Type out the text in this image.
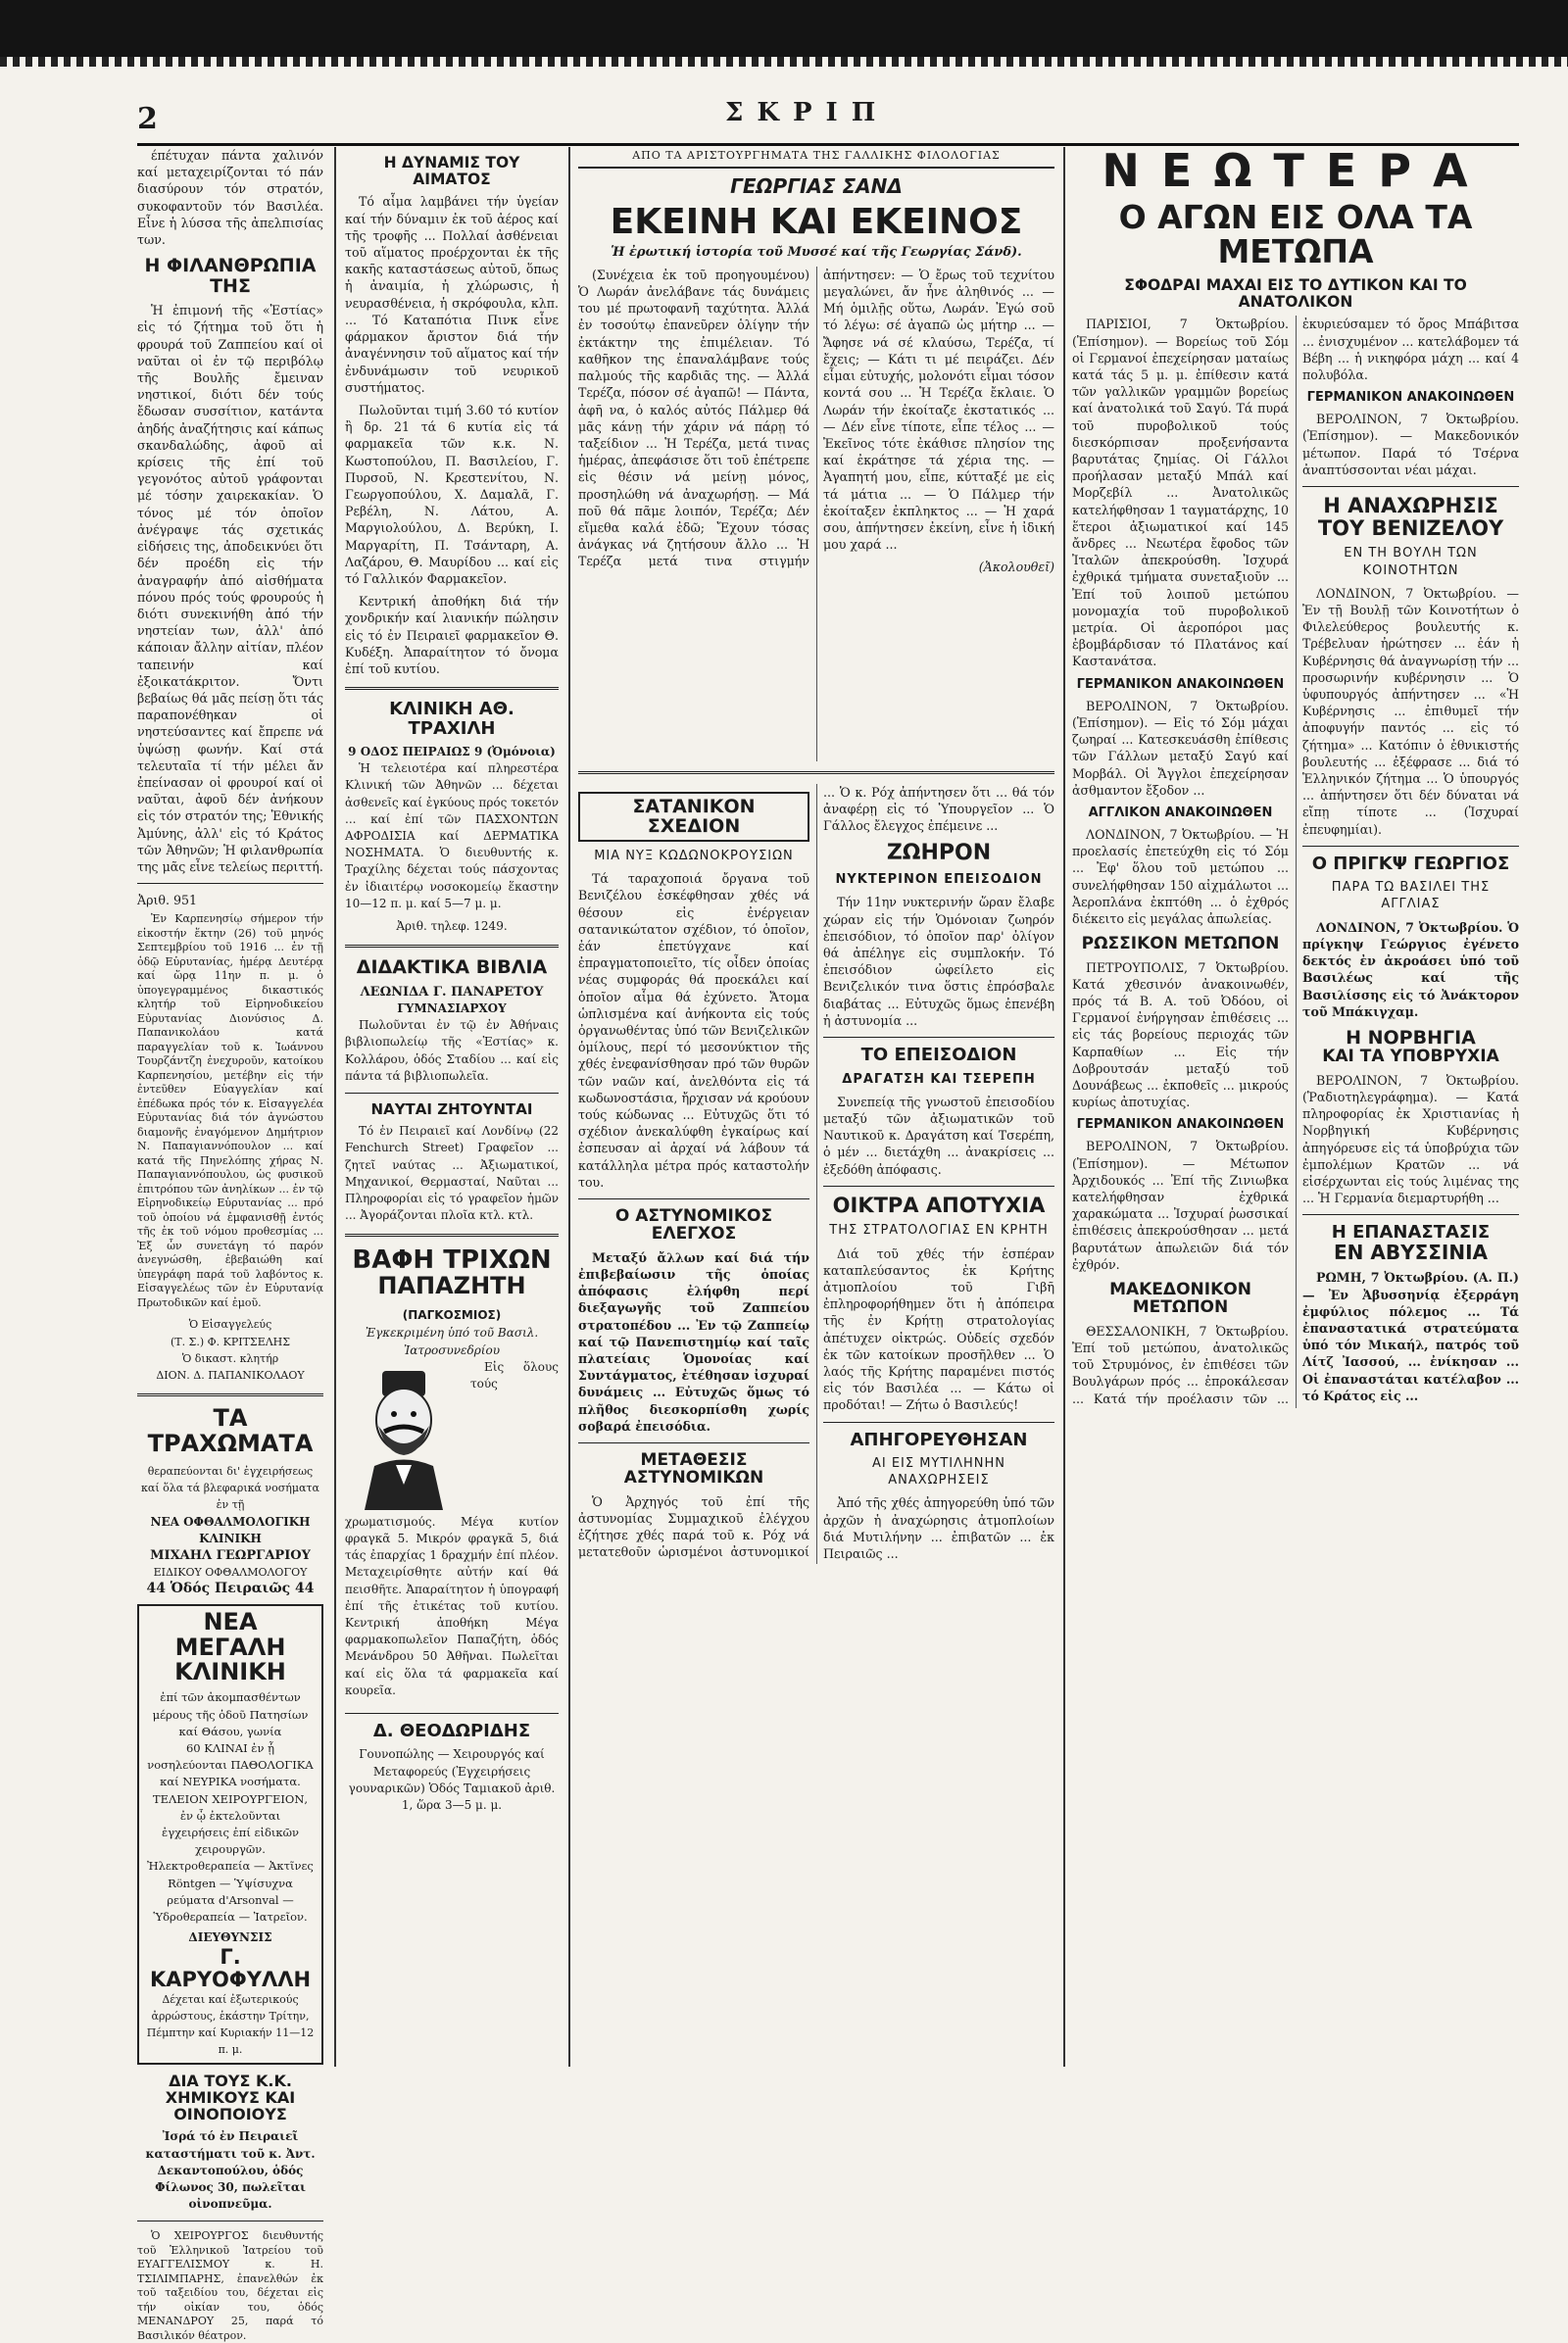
2	ΣΚΡΙΠ

έπέτυχαν πάντα χαλινόν καί μεταχειρίζονται τό πάν διασύρουν τόν στρατόν, συκοφαντοῦν τόν Βασιλέα. Εἶνε ἡ λύσσα τῆς ἀπελπισίας των.

Η ΦΙΛΑΝΘΡΩΠΙΑ ΤΗΣ

Ἡ ἐπιμονή τῆς «Ἑστίας» εἰς τό ζήτημα τοῦ ὅτι ἡ φρουρά τοῦ Ζαππείου καί οἱ ναῦται οἱ ἐν τῷ περιβόλῳ τῆς Βουλῆς ἔμειναν νηστικοί, διότι δέν τούς ἔδωσαν συσσίτιον, κατάντα ἀηδής ἀναζήτησις καί κάπως σκανδαλώδης, ἀφοῦ αἱ κρίσεις τῆς ἐπί τοῦ γεγονότος αὐτοῦ γράφονται μέ τόσην χαιρεκακίαν. Ὁ τόνος μέ τόν ὁποῖον ἀνέγραψε τάς σχετικάς εἰδήσεις της, ἀποδεικνύει ὅτι δέν προέδη εἰς τήν ἀναγραφήν ἀπό αἰσθήματα πόνου πρός τούς φρουρούς ἡ διότι συνεκινήθη ἀπό τήν νηστείαν των, ἀλλ' ἀπό κάποιαν ἄλλην αἰτίαν, πλέον ταπεινήν καί ἐξοικατάκριτον. Ὄντι βεβαίως θά μᾶς πείσῃ ὅτι τάς παραπονέθηκαν οἱ νηστεύσαντες καί ἔπρεπε νά ὑψώσῃ φωνήν. Καί στά τελευταῖα τί τήν μέλει ἄν ἐπείνασαν οἱ φρουροί καί οἱ ναῦται, ἀφοῦ δέν ἀνήκουν εἰς τόν στρατόν της; Ἐθνικής Ἀμύνης, ἀλλ' εἰς τό Κράτος τῶν Ἀθηνῶν; Ἡ φιλανθρωπία της μᾶς εἶνε τελείως περιττή.

Ἀριθ. 951

Ἐν Καρπενησίῳ σήμερον τήν εἰκοστήν ἕκτην (26) τοῦ μηνός Σεπτεμβρίου τοῦ 1916 ... ἐν τῇ ὁδῷ Εὐρυτανίας, ἡμέρᾳ Δευτέρᾳ καί ὥρᾳ 11ην π. μ. ὁ ὑπογεγραμμένος δικαστικός κλητήρ τοῦ Εἰρηνοδικείου Εὐρυτανίας Διονύσιος Δ. Παπανικολάου κατά παραγγελίαν τοῦ κ. Ἰωάννου Τουρζάντζη ἐνεχυροῦν, κατοίκου Καρπενησίου, μετέβην εἰς τήν ἐντεῦθεν Εὐαγγελίαν καί ἐπέδωκα πρός τόν κ. Εἰσαγγελέα Εὐρυτανίας διά τόν ἀγνώστου διαμονῆς ἐναγόμενον Δημήτριον Ν. Παπαγιαννόπουλον ... καί κατά τῆς Πηνελόπης χήρας Ν. Παπαγιαννόπουλου, ὡς φυσικοῦ ἐπιτρόπου τῶν ἀνηλίκων ... ἐν τῷ Εἰρηνοδικείῳ Εὐρυτανίας ... πρό τοῦ ὁποίου νά ἐμφανισθῇ ἐντός τῆς ἐκ τοῦ νόμου προθεσμίας ... Ἐξ ὧν συνετάγη τό παρόν ἀνεγνώσθη, ἐβεβαιώθη καί ὑπεγράφη παρά τοῦ λαβόντος κ. Εἰσαγγελέως τῶν ἐν Εὐρυτανίᾳ Πρωτοδικῶν καί ἐμοῦ.

Ὁ Εἰσαγγελεύς
(Τ. Σ.) Φ. ΚΡΙΤΣΕΛΗΣ
Ὁ δικαστ. κλητήρ
ΔΙΟΝ. Δ. ΠΑΠΑΝΙΚΟΛΑΟΥ
ΤΑ ΤΡΑΧΩΜΑΤΑ
θεραπεύονται δι' ἐγχειρήσεως καί ὅλα τά βλεφαρικά νοσήματα ἐν τῇ
ΝΕΑ ΟΦΘΑΛΜΟΛΟΓΙΚΗ ΚΛΙΝΙΚΗ
ΜΙΧΑΗΛ ΓΕΩΡΓΑΡΙΟΥ
ΕΙΔΙΚΟΥ ΟΦΘΑΛΜΟΛΟΓΟΥ
44 Ὁδός Πειραιῶς 44
ΝΕΑ
ΜΕΓΑΛΗ ΚΛΙΝΙΚΗ
ἐπί τῶν ἀκομπασθέντων μέρους τῆς ὁδοῦ Πατησίων καί Θάσου, γωνία
60 ΚΛΙΝΑΙ ἐν ᾗ νοσηλεύονται ΠΑΘΟΛΟΓΙΚΑ καί ΝΕΥΡΙΚΑ νοσήματα.
ΤΕΛΕΙΟΝ ΧΕΙΡΟΥΡΓΕΙΟΝ, ἐν ᾧ ἐκτελοῦνται ἐγχειρήσεις ἐπί εἰδικῶν χειρουργῶν.
Ἠλεκτροθεραπεία — Ἀκτῖνες Röntgen — Ὑψίσυχνα ρεύματα d'Arsonval — Ὑδροθεραπεία — Ἰατρεῖον.
ΔΙΕΥΘΥΝΣΙΣ
Γ. ΚΑΡΥΟΦΥΛΛΗ
Δέχεται καί ἐξωτερικούς ἀρρώστους, ἑκάστην Τρίτην, Πέμπτην καί Κυριακήν 11—12 π. μ.
ΔΙΑ ΤΟΥΣ Κ.Κ. ΧΗΜΙΚΟΥΣ ΚΑΙ ΟΙΝΟΠΟΙΟΥΣ
Ἰσρά τό ἐν Πειραιεῖ καταστήματι τοῦ κ. Ἀντ. Δεκαντοπούλου, ὁδός Φίλωνος 30, πωλεῖται οἰνοπνεῦμα.

Ὁ ΧΕΙΡΟΥΡΓΟΣ διευθυντής τοῦ Ἑλληνικοῦ Ἰατρείου τοῦ ΕΥΑΓΓΕΛΙΣΜΟΥ κ. Η. ΤΣΙΛΙΜΠΑΡΗΣ, ἐπανελθών ἐκ τοῦ ταξειδίου του, δέχεται εἰς τήν οἰκίαν του, ὁδός ΜΕΝΑΝΔΡΟΥ 25, παρά τό Βασιλικόν θέατρον.

Η ΔΥΝΑΜΙΣ ΤΟΥ ΑΙΜΑΤΟΣ

Τό αἷμα λαμβάνει τήν ὑγείαν καί τήν δύναμιν ἐκ τοῦ ἀέρος καί τῆς τροφῆς ... Πολλαί ἀσθένειαι τοῦ αἵματος προέρχονται ἐκ τῆς κακῆς καταστάσεως αὐτοῦ, ὅπως ἡ ἀναιμία, ἡ χλώρωσις, ἡ νευρασθένεια, ἡ σκρόφουλα, κλπ. ... Τό Καταπότια Πινκ εἶνε φάρμακον ἄριστον διά τήν ἀναγέννησιν τοῦ αἵματος καί τήν ἐνδυνάμωσιν τοῦ νευρικοῦ συστήματος.

Πωλοῦνται τιμή 3.60 τό κυτίον ἢ δρ. 21 τά 6 κυτία εἰς τά φαρμακεῖα τῶν κ.κ. Ν. Κωστοπούλου, Π. Βασιλείου, Γ. Πυρσοῦ, Ν. Κρεστενίτου, Ν. Γεωργοπούλου, Χ. Δαμαλᾶ, Γ. Ρεβέλη, Ν. Λάτου, Α. Μαργιολούλου, Δ. Βερύκη, Ι. Μαργαρίτη, Π. Τσάνταρη, Α. Λαζάρου, Θ. Μαυρίδου ... καί εἰς τό Γαλλικόν Φαρμακεῖον.

Κεντρική ἀποθήκη διά τήν χονδρικήν καί λιανικήν πώλησιν εἰς τό ἐν Πειραιεῖ φαρμακεῖον Θ. Κυδέξη. Ἀπαραίτητον τό ὄνομα ἐπί τοῦ κυτίου.

ΚΛΙΝΙΚΗ ΑΘ. ΤΡΑΧΙΛΗ
9 ΟΔΟΣ ΠΕΙΡΑΙΩΣ 9 (Ὀμόνοια)

Ἡ τελειοτέρα καί πληρεστέρα Κλινική τῶν Ἀθηνῶν ... δέχεται ἀσθενεῖς καί ἐγκύους πρός τοκετόν ... καί ἐπί τῶν ΠΑΣΧΟΝΤΩΝ ΑΦΡΟΔΙΣΙΑ καί ΔΕΡΜΑΤΙΚΑ ΝΟΣΗΜΑΤΑ. Ὁ διευθυντής κ. Τραχίλης δέχεται τούς πάσχοντας ἐν ἰδιαιτέρῳ νοσοκομείῳ ἕκαστην 10—12 π. μ. καί 5—7 μ. μ.

Ἀριθ. τηλεφ. 1249.
ΔΙΔΑΚΤΙΚΑ ΒΙΒΛΙΑ
ΛΕΩΝΙΔΑ Γ. ΠΑΝΑΡΕΤΟΥ
ΓΥΜΝΑΣΙΑΡΧΟΥ

Πωλοῦνται ἐν τῷ ἐν Ἀθήναις βιβλιοπωλείῳ τῆς «Ἑστίας» κ. Κολλάρου, ὁδός Σταδίου ... καί εἰς πάντα τά βιβλιοπωλεῖα.

ΝΑΥΤΑΙ ΖΗΤΟΥΝΤΑΙ

Τό ἐν Πειραιεῖ καί Λονδίνῳ (22 Fenchurch Street) Γραφεῖον ... ζητεῖ ναύτας ... Ἀξιωματικοί, Μηχανικοί, Θερμασταί, Ναῦται ... Πληροφορίαι εἰς τό γραφεῖον ἡμῶν ... Ἀγοράζονται πλοῖα κτλ. κτλ.

ΒΑΦΗ ΤΡΙΧΩΝ
ΠΑΠΑΖΗΤΗ (ΠΑΓΚΟΣΜΙΟΣ)
Ἐγκεκριμένη ὑπό τοῦ Βασιλ. Ἰατροσυνεδρίου

Εἰς ὅλους τούς χρωματισμούς. Μέγα κυτίον φραγκᾶ 5. Μικρόν φραγκᾶ 5, διά τάς ἐπαρχίας 1 δραχμήν ἐπί πλέον. Μεταχειρίσθητε αὐτήν καί θά πεισθῆτε. Ἀπαραίτητον ἡ ὑπογραφή ἐπί τῆς ἐτικέτας τοῦ κυτίου. Κεντρική ἀποθήκη Μέγα φαρμακοπωλεῖον Παπαζήτη, ὁδός Μενάνδρου 50 Ἀθῆναι. Πωλεῖται καί εἰς ὅλα τά φαρμακεῖα καί κουρεῖα.

Δ. ΘΕΟΔΩΡΙΔΗΣ
Γουνοπώλης — Χειρουργός καί Μεταφορεύς (Ἐγχειρήσεις γουναρικῶν) Ὁδός Ταμιακοῦ ἀριθ. 1, ὥρα 3—5 μ. μ.
ΑΠΟ ΤΑ ΑΡΙΣΤΟΥΡΓΗΜΑΤΑ ΤΗΣ ΓΑΛΛΙΚΗΣ ΦΙΛΟΛΟΓΙΑΣ
ΓΕΩΡΓΙΑΣ ΣΑΝΔ
ΕΚΕΙΝΗ ΚΑΙ ΕΚΕΙΝΟΣ
Ἡ ἐρωτική ἱστορία τοῦ Μυσσέ καί τῆς Γεωργίας Σάνδ).

(Συνέχεια ἐκ τοῦ προηγουμένου) Ὁ Λωράν ἀνελάβανε τάς δυνάμεις του μέ πρωτοφανῆ ταχύτητα. Ἀλλά ἐν τοσούτῳ ἐπανεῦρεν ὁλίγην τήν ἐκτάκτην της ἐπιμέλειαν. Τό καθῆκον της ἐπαναλάμβανε τούς παλμούς τῆς καρδιᾶς της. — Ἀλλά Τερέζα, πόσον σέ ἀγαπῶ! — Πάντα, ἀφῆ να, ὁ καλός αὐτός Πάλμερ θά μᾶς κάνῃ τήν χάριν νά πάρῃ τό ταξείδιον ... Ἡ Τερέζα, μετά τινας ἡμέρας, ἀπεφάσισε ὅτι τοῦ ἐπέτρεπε εἰς θέσιν νά μείνῃ μόνος, προσηλώθη νά ἀναχωρήσῃ. — Μά ποῦ θά πᾶμε λοιπόν, Τερέζα; Δέν εἴμεθα καλά ἐδῶ; Ἔχουν τόσας ἀνάγκας νά ζητήσουν ἄλλο ... Ἡ Τερέζα μετά τινα στιγμήν ἀπήντησεν: — Ὁ ἔρως τοῦ τεχνίτου μεγαλώνει, ἄν ἦνε ἀληθινός ... — Μή ὁμιλῇς οὕτω, Λωράν. Ἐγώ σοῦ τό λέγω: σέ ἀγαπῶ ὡς μήτηρ ... — Ἄφησε νά σέ κλαύσω, Τερέζα, τί ἔχεις; — Κάτι τι μέ πειράζει. Δέν εἶμαι εὐτυχής, μολονότι εἶμαι τόσον κοντά σου ... Ἡ Τερέζα ἔκλαιε. Ὁ Λωράν τήν ἐκοίταζε ἐκστατικός ... — Δέν εἶνε τίποτε, εἶπε τέλος ... — Ἐκεῖνος τότε ἐκάθισε πλησίον της καί ἐκράτησε τά χέρια της. — Ἀγαπητή μου, εἶπε, κύτταξέ με εἰς τά μάτια ... — Ὁ Πάλμερ τήν ἐκοίταξεν ἐκπληκτος ... — Ἡ χαρά σου, ἀπήντησεν ἐκείνη, εἶνε ἡ ἰδική μου χαρά ...

(Ἀκολουθεῖ)
ΣΑΤΑΝΙΚΟΝ ΣΧΕΔΙΟΝ
ΜΙΑ ΝΥΞ ΚΩΔΩΝΟΚΡΟΥΣΙΩΝ

Τά ταραχοποιά ὄργανα τοῦ Βενιζέλου ἐσκέφθησαν χθές νά θέσουν εἰς ἐνέργειαν σατανικώτατον σχέδιον, τό ὁποῖον, ἐάν ἐπετύγχανε καί ἐπραγματοποιεῖτο, τίς οἶδεν ὁποίας νέας συμφοράς θά προεκάλει καί ὁποῖον αἷμα θά ἐχύνετο. Ἄτομα ὡπλισμένα καί ἀνήκοντα εἰς τούς ὀργανωθέντας ὑπό τῶν Βενιζελικῶν ὁμίλους, περί τό μεσονύκτιον τῆς χθές ἐνεφανίσθησαν πρό τῶν θυρῶν τῶν ναῶν καί, ἀνελθόντα εἰς τά κωδωνοστάσια, ἤρχισαν νά κρούουν τούς κώδωνας ... Εὐτυχῶς ὅτι τό σχέδιον ἀνεκαλύφθη ἐγκαίρως καί ἐσπευσαν αἱ ἀρχαί νά λάβουν τά κατάλληλα μέτρα πρός καταστολήν του.

Ο ΑΣΤΥΝΟΜΙΚΟΣ ΕΛΕΓΧΟΣ

Μεταξύ ἄλλων καί διά τήν ἐπιβεβαίωσιν τῆς ὁποίας ἀπόφασις ἐλήφθη περί διεξαγωγῆς τοῦ Ζαππείου στρατοπέδου ... Ἐν τῷ Ζαππείῳ καί τῷ Πανεπιστημίῳ καί ταῖς πλατείαις Ὁμονοίας καί Συντάγματος, ἐτέθησαν ἰσχυραί δυνάμεις ... Εὐτυχῶς ὅμως τό πλῆθος διεσκορπίσθη χωρίς σοβαρά ἐπεισόδια.

ΜΕΤΑΘΕΣΙΣ ΑΣΤΥΝΟΜΙΚΩΝ

Ὁ Ἀρχηγός τοῦ ἐπί τῆς ἀστυνομίας Συμμαχικοῦ ἐλέγχου ἐζήτησε χθές παρά τοῦ κ. Ρόχ νά μετατεθοῦν ὡρισμένοι ἀστυνομικοί ... Ὁ κ. Ρόχ ἀπήντησεν ὅτι ... θά τόν ἀναφέρῃ εἰς τό Ὑπουργεῖον ... Ὁ Γάλλος ἔλεγχος ἐπέμεινε ...

ΖΩΗΡΟΝ
ΝΥΚΤΕΡΙΝΟΝ ΕΠΕΙΣΟΔΙΟΝ

Τήν 11ην νυκτερινήν ὥραν ἔλαβε χώραν εἰς τήν Ὁμόνοιαν ζωηρόν ἐπεισόδιον, τό ὁποῖον παρ' ὀλίγον θά ἀπέληγε εἰς συμπλοκήν. Τό ἐπεισόδιον ὠφείλετο εἰς Βενιζελικόν τινα ὅστις ἐπρόσβαλε διαβάτας ... Εὐτυχῶς ὅμως ἐπενέβη ἡ ἀστυνομία ...

ΤΟ ΕΠΕΙΣΟΔΙΟΝ
ΔΡΑΓΑΤΣΗ ΚΑΙ ΤΣΕΡΕΠΗ

Συνεπείᾳ τῆς γνωστοῦ ἐπεισοδίου μεταξύ τῶν ἀξιωματικῶν τοῦ Ναυτικοῦ κ. Δραγάτση καί Τσερέπη, ὁ μέν ... διετάχθη ... ἀνακρίσεις ... ἐξεδόθη ἀπόφασις.

ΟΙΚΤΡΑ ΑΠΟΤΥΧΙΑ
ΤΗΣ ΣΤΡΑΤΟΛΟΓΙΑΣ ΕΝ ΚΡΗΤΗ

Διά τοῦ χθές τήν ἑσπέραν καταπλεύσαντος ἐκ Κρήτης ἀτμοπλοίου τοῦ Γιβῆ ἐπληροφορήθημεν ὅτι ἡ ἀπόπειρα τῆς ἐν Κρήτῃ στρατολογίας ἀπέτυχεν οἰκτρώς. Οὐδείς σχεδόν ἐκ τῶν κατοίκων προσῆλθεν ... Ὁ λαός τῆς Κρήτης παραμένει πιστός εἰς τόν Βασιλέα ... — Κάτω οἱ προδόται! — Ζήτω ὁ Βασιλεύς!

ΑΠΗΓΟΡΕΥΘΗΣΑΝ
ΑΙ ΕΙΣ ΜΥΤΙΛΗΝΗΝ ΑΝΑΧΩΡΗΣΕΙΣ

Ἀπό τῆς χθές ἀπηγορεύθη ὑπό τῶν ἀρχῶν ἡ ἀναχώρησις ἀτμοπλοίων διά Μυτιλήνην ... ἐπιβατῶν ... ἐκ Πειραιῶς ...

ΝΕΩΤΕΡΑ
Ο ΑΓΩΝ ΕΙΣ ΟΛΑ ΤΑ ΜΕΤΩΠΑ
ΣΦΟΔΡΑΙ ΜΑΧΑΙ ΕΙΣ ΤΟ ΔΥΤΙΚΟΝ ΚΑΙ ΤΟ ΑΝΑΤΟΛΙΚΟΝ

ΠΑΡΙΣΙΟΙ, 7 Ὀκτωβρίου. (Ἐπίσημον). — Βορείως τοῦ Σόμ οἱ Γερμανοί ἐπεχείρησαν ματαίως κατά τάς 5 μ. μ. ἐπίθεσιν κατά τῶν γαλλικῶν γραμμῶν βορείως καί ἀνατολικά τοῦ Σαγύ. Τά πυρά τοῦ πυροβολικοῦ τούς διεσκόρπισαν προξενήσαντα βαρυτάτας ζημίας. Οἱ Γάλλοι προήλασαν μεταξύ Μπάλ καί Μορζεβίλ ... Ἀνατολικῶς κατελήφθησαν 1 ταγματάρχης, 10 ἕτεροι ἀξιωματικοί καί 145 ἄνδρες ... Νεωτέρα ἔφοδος τῶν Ἰταλῶν ἀπεκρούσθη. Ἰσχυρά ἐχθρικά τμήματα συνεταξιοῦν ... Ἐπί τοῦ λοιποῦ μετώπου μονομαχία τοῦ πυροβολικοῦ μετρία. Οἱ ἀεροπόροι μας ἐβομβάρδισαν τό Πλατάνος καί Καστανάτσα.

ΓΕΡΜΑΝΙΚΟΝ ΑΝΑΚΟΙΝΩΘΕΝ

ΒΕΡΟΛΙΝΟΝ, 7 Ὀκτωβρίου. (Ἐπίσημον). — Εἰς τό Σόμ μάχαι ζωηραί ... Κατεσκευάσθη ἐπίθεσις τῶν Γάλλων μεταξύ Σαγύ καί Μορβάλ. Οἱ Ἄγγλοι ἐπεχείρησαν ἀσθμαντον ἔξοδον ...

ΑΓΓΛΙΚΟΝ ΑΝΑΚΟΙΝΩΘΕΝ

ΛΟΝΔΙΝΟΝ, 7 Ὀκτωβρίου. — Ἡ προελασίς ἐπετεύχθη εἰς τό Σόμ ... Ἐφ' ὅλου τοῦ μετώπου ... συνελήφθησαν 150 αἰχμάλωτοι ... Ἀεροπλάνα ἐκπτόθη ... ὁ ἐχθρός διέκειτο εἰς μεγάλας ἀπωλείας.

ΡΩΣΣΙΚΟΝ ΜΕΤΩΠΟΝ

ΠΕΤΡΟΥΠΟΛΙΣ, 7 Ὀκτωβρίου. Κατά χθεσινόν ἀνακοινωθέν, πρός τά Β. Α. τοῦ Ὀδόου, οἱ Γερμανοί ἐνήργησαν ἐπιθέσεις ... εἰς τάς βορείους περιοχάς τῶν Καρπαθίων ... Εἰς τήν Δοβρουτσάν μεταξύ τοῦ Δουνάβεως ... ἐκποθεῖς ... μικρούς κυρίως ἀποτυχίας.

ΓΕΡΜΑΝΙΚΟΝ ΑΝΑΚΟΙΝΩΘΕΝ

ΒΕΡΟΛΙΝΟΝ, 7 Ὀκτωβρίου. (Ἐπίσημον). — Μέτωπον Ἀρχιδουκός ... Ἐπί τῆς Ζινιωβκα κατελήφθησαν ἐχθρικά χαρακώματα ... Ἰσχυραί ῥωσσικαί ἐπιθέσεις ἀπεκρούσθησαν ... μετά βαρυτάτων ἀπωλειῶν διά τόν ἐχθρόν.

ΜΑΚΕΔΟΝΙΚΟΝ ΜΕΤΩΠΟΝ

ΘΕΣΣΑΛΟΝΙΚΗ, 7 Ὀκτωβρίου. Ἐπί τοῦ μετώπου, ἀνατολικῶς τοῦ Στρυμόνος, ἐν ἐπιθέσει τῶν Βουλγάρων πρός ... ἐπροκάλεσαν ... Κατά τήν προέλασιν τῶν ... ἐκυριεύσαμεν τό ὄρος Μπάβιτσα ... ἐνισχυμένον ... κατελάβομεν τά Βέβη ... ἡ νικηφόρα μάχη ... καί 4 πολυβόλα.

ΓΕΡΜΑΝΙΚΟΝ ΑΝΑΚΟΙΝΩΘΕΝ

ΒΕΡΟΛΙΝΟΝ, 7 Ὀκτωβρίου. (Ἐπίσημον). — Μακεδονικόν μέτωπον. Παρά τό Τσέρνα ἀναπτύσσονται νέαι μάχαι.

Η ΑΝΑΧΩΡΗΣΙΣ
ΤΟΥ ΒΕΝΙΖΕΛΟΥ
ΕΝ ΤΗ ΒΟΥΛΗ ΤΩΝ ΚΟΙΝΟΤΗΤΩΝ

ΛΟΝΔΙΝΟΝ, 7 Ὀκτωβρίου. — Ἐν τῇ Βουλῇ τῶν Κοινοτήτων ὁ Φιλελεύθερος βουλευτής κ. Τρέβελυαν ἠρώτησεν ... ἐάν ἡ Κυβέρνησις θά ἀναγνωρίσῃ τήν ... προσωρινήν κυβέρνησιν ... Ὁ ὑφυπουργός ἀπήντησεν ... «Ἡ Κυβέρνησις ... ἐπιθυμεῖ τήν ἀποφυγήν παντός ... εἰς τό ζήτημα» ... Κατόπιν ὁ ἐθνικιστής βουλευτής ... ἐξέφρασε ... διά τό Ἑλληνικόν ζήτημα ... Ὁ ὑπουργός ... ἀπήντησεν ὅτι δέν δύναται νά εἴπῃ τίποτε ... (Ἰσχυραί ἐπευφημίαι).

Ο ΠΡΙΓΚΨ ΓΕΩΡΓΙΟΣ
ΠΑΡΑ ΤΩ ΒΑΣΙΛΕΙ ΤΗΣ ΑΓΓΛΙΑΣ

ΛΟΝΔΙΝΟΝ, 7 Ὀκτωβρίου. Ὁ πρίγκηψ Γεώργιος ἐγένετο δεκτός ἐν ἀκροάσει ὑπό τοῦ Βασιλέως καί τῆς Βασιλίσσης εἰς τό Ἀνάκτορον τοῦ Μπάκιγχαμ.

Η ΝΟΡΒΗΓΙΑ
ΚΑΙ ΤΑ ΥΠΟΒΡΥΧΙΑ

ΒΕΡΟΛΙΝΟΝ, 7 Ὀκτωβρίου. (Ῥαδιοτηλεγράφημα). — Κατά πληροφορίας ἐκ Χριστιανίας ἡ Νορβηγική Κυβέρνησις ἀπηγόρευσε εἰς τά ὑποβρύχια τῶν ἐμπολέμων Κρατῶν ... νά εἰσέρχωνται εἰς τούς λιμένας της ... Ἡ Γερμανία διεμαρτυρήθη ...

Η ΕΠΑΝΑΣΤΑΣΙΣ
ΕΝ ΑΒΥΣΣΙΝΙΑ

ΡΩΜΗ, 7 Ὀκτωβρίου. (Α. Π.) — Ἐν Ἀβυσσηνίᾳ ἐξερράγη ἐμφύλιος πόλεμος ... Τά ἐπαναστατικά στρατεύματα ὑπό τόν Μικαήλ, πατρός τοῦ Λίτζ Ἰασσού, ... ἐνίκησαν ... Οἱ ἐπαναστάται κατέλαβον ... τό Κράτος εἰς ...
